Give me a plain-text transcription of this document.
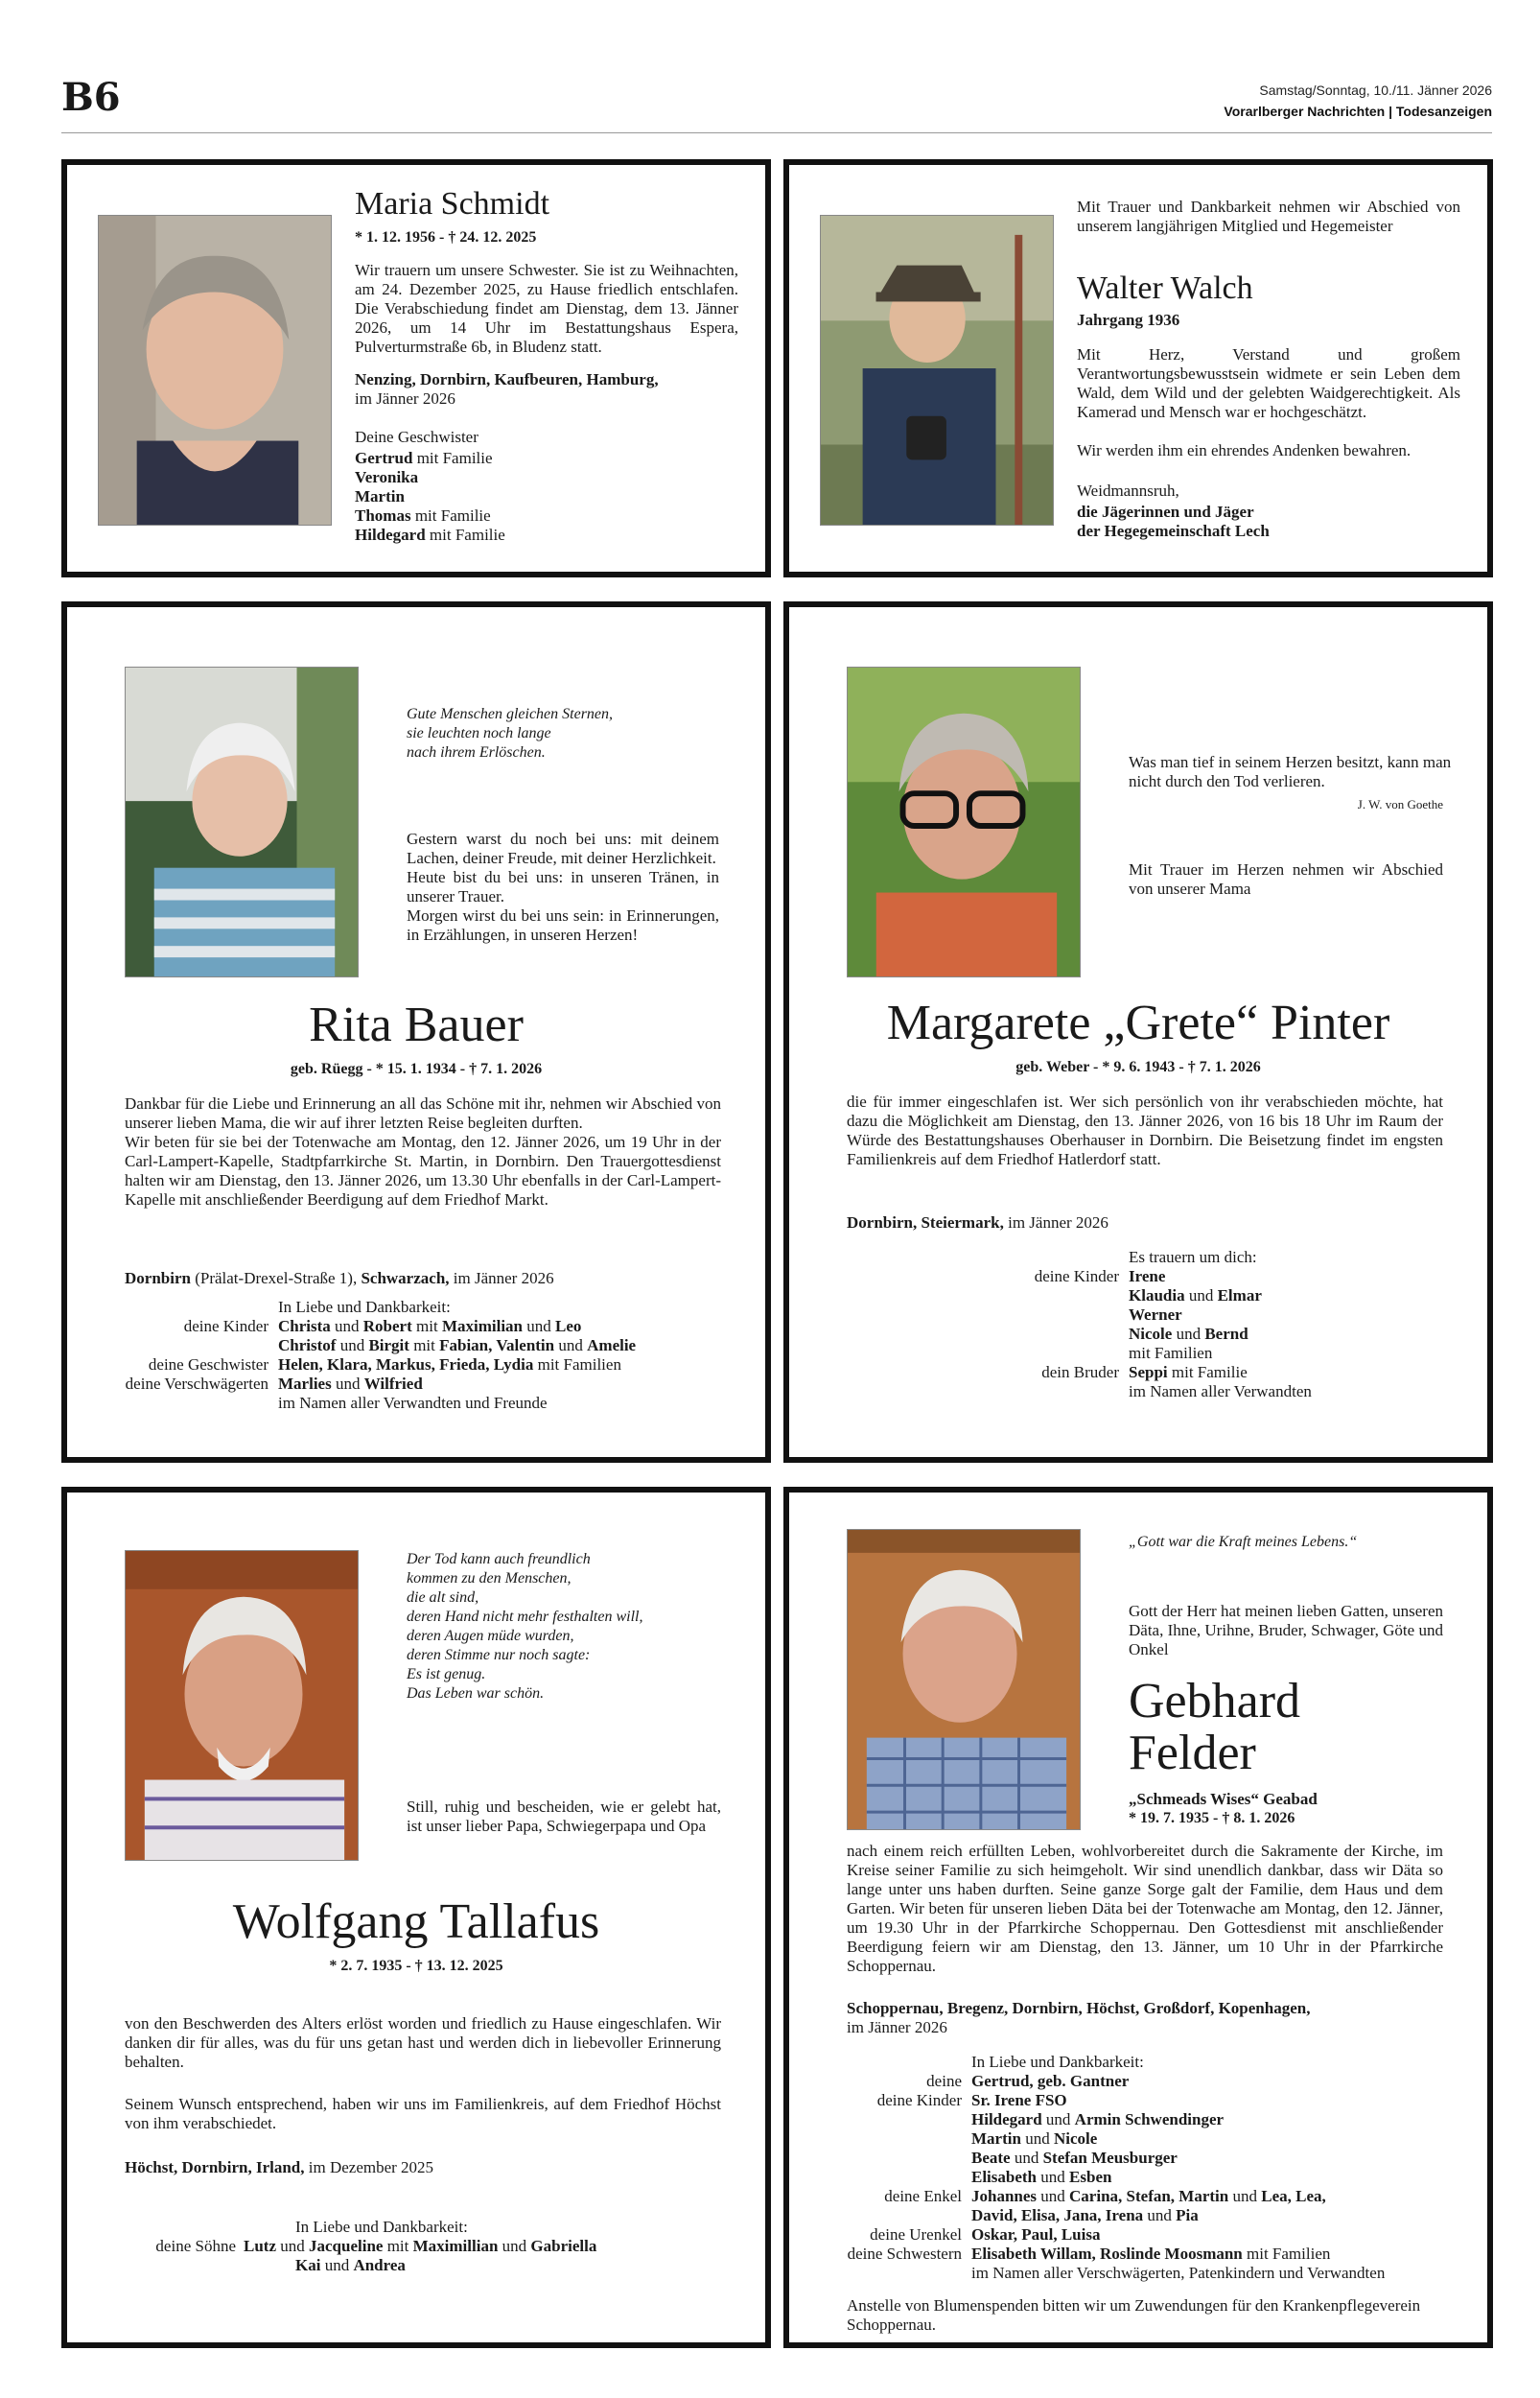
B6	Samstag/Sonntag, 10./11. Jänner 2026
Vorarlberger Nachrichten | Todesanzeigen
Maria Schmidt
* 1. 12. 1956 - † 24. 12. 2025
Wir trauern um unsere Schwester. Sie ist zu Weihnachten, am 24. Dezember 2025, zu Hause friedlich entschlafen. Die Verabschiedung findet am Dienstag, dem 13. Jänner 2026, um 14 Uhr im Bestattungshaus Espera, Pulverturmstraße 6b, in Bludenz statt.
Nenzing, Dornbirn, Kaufbeuren, Hamburg,
im Jänner 2026
Deine Geschwister
Gertrud mit Familie
Veronika
Martin
Thomas mit Familie
Hildegard mit Familie
Mit Trauer und Dankbarkeit nehmen wir Abschied von unserem langjährigen Mitglied und Hegemeister
Walter Walch
Jahrgang 1936
Mit Herz, Verstand und großem Verantwortungsbewusstsein widmete er sein Leben dem Wald, dem Wild und der gelebten Waidgerechtigkeit. Als Kamerad und Mensch war er hochgeschätzt.
Wir werden ihm ein ehrendes Andenken bewahren.
Weidmannsruh,
die Jägerinnen und Jäger
der Hegegemeinschaft Lech
Gute Menschen gleichen Sternen,
sie leuchten noch lange
nach ihrem Erlöschen.
Gestern warst du noch bei uns: mit deinem Lachen, deiner Freude, mit deiner Herzlichkeit.
Heute bist du bei uns: in unseren Tränen, in unserer Trauer.
Morgen wirst du bei uns sein: in Erinnerungen, in Erzählungen, in unseren Herzen!
Rita Bauer
geb. Rüegg - * 15. 1. 1934 - † 7. 1. 2026
Dankbar für die Liebe und Erinnerung an all das Schöne mit ihr, nehmen wir Abschied von unserer lieben Mama, die wir auf ihrer letzten Reise begleiten durften.
Wir beten für sie bei der Totenwache am Montag, den 12. Jänner 2026, um 19 Uhr in der Carl-Lampert-Kapelle, Stadtpfarrkirche St. Martin, in Dornbirn. Den Trauergottesdienst halten wir am Dienstag, den 13. Jänner 2026, um 13.30 Uhr ebenfalls in der Carl-Lampert-Kapelle mit anschließender Beerdigung auf dem Friedhof Markt.
Dornbirn (Prälat-Drexel-Straße 1), Schwarzach, im Jänner 2026
In Liebe und Dankbarkeit:
deine Kinder Christa und Robert mit Maximilian und Leo
Christof und Birgit mit Fabian, Valentin und Amelie
deine Geschwister Helen, Klara, Markus, Frieda, Lydia mit Familien
deine Verschwägerten Marlies und Wilfried
im Namen aller Verwandten und Freunde
Was man tief in seinem Herzen besitzt, kann man nicht durch den Tod verlieren.
J. W. von Goethe
Mit Trauer im Herzen nehmen wir Abschied von unserer Mama
Margarete „Grete“ Pinter
geb. Weber - * 9. 6. 1943 - † 7. 1. 2026
die für immer eingeschlafen ist. Wer sich persönlich von ihr verabschieden möchte, hat dazu die Möglichkeit am Dienstag, den 13. Jänner 2026, von 16 bis 18 Uhr im Raum der Würde des Bestattungshauses Oberhauser in Dornbirn. Die Beisetzung findet im engsten Familienkreis auf dem Friedhof Hatlerdorf statt.
Dornbirn, Steiermark, im Jänner 2026
Es trauern um dich:
deine Kinder Irene
Klaudia und Elmar
Werner
Nicole und Bernd
mit Familien
dein Bruder Seppi mit Familie
im Namen aller Verwandten
Der Tod kann auch freundlich
kommen zu den Menschen,
die alt sind,
deren Hand nicht mehr festhalten will,
deren Augen müde wurden,
deren Stimme nur noch sagte:
Es ist genug.
Das Leben war schön.
Still, ruhig und bescheiden, wie er gelebt hat, ist unser lieber Papa, Schwiegerpapa und Opa
Wolfgang Tallafus
* 2. 7. 1935 - † 13. 12. 2025
von den Beschwerden des Alters erlöst worden und friedlich zu Hause eingeschlafen. Wir danken dir für alles, was du für uns getan hast und werden dich in liebevoller Erinnerung behalten.
Seinem Wunsch entsprechend, haben wir uns im Familienkreis, auf dem Friedhof Höchst von ihm verabschiedet.
Höchst, Dornbirn, Irland, im Dezember 2025
In Liebe und Dankbarkeit:
deine Söhne Lutz und Jacqueline mit Maximillian und Gabriella
Kai und Andrea
„Gott war die Kraft meines Lebens.“
Gott der Herr hat meinen lieben Gatten, unseren Däta, Ihne, Urihne, Bruder, Schwager, Göte und Onkel
Gebhard
Felder
„Schmeads Wises“ Geabad
* 19. 7. 1935 - † 8. 1. 2026
nach einem reich erfüllten Leben, wohlvorbereitet durch die Sakramente der Kirche, im Kreise seiner Familie zu sich heimgeholt. Wir sind unendlich dankbar, dass wir Däta so lange unter uns haben durften. Seine ganze Sorge galt der Familie, dem Haus und dem Garten. Wir beten für unseren lieben Däta bei der Totenwache am Montag, den 12. Jänner, um 19.30 Uhr in der Pfarrkirche Schoppernau. Den Gottesdienst mit anschließender Beerdigung feiern wir am Dienstag, den 13. Jänner, um 10 Uhr in der Pfarrkirche Schoppernau.
Schoppernau, Bregenz, Dornbirn, Höchst, Großdorf, Kopenhagen,
im Jänner 2026
In Liebe und Dankbarkeit:
deine Gertrud, geb. Gantner
deine Kinder Sr. Irene FSO
Hildegard und Armin Schwendinger
Martin und Nicole
Beate und Stefan Meusburger
Elisabeth und Esben
deine Enkel Johannes und Carina, Stefan, Martin und Lea, Lea,
David, Elisa, Jana, Irena und Pia
deine Urenkel Oskar, Paul, Luisa
deine Schwestern Elisabeth Willam, Roslinde Moosmann mit Familien
im Namen aller Verschwägerten, Patenkindern und Verwandten
Anstelle von Blumenspenden bitten wir um Zuwendungen für den Krankenpflegeverein Schoppernau.
